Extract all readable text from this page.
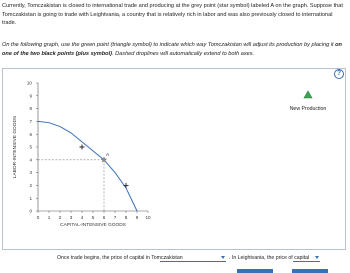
Currently, Tomczakistan is closed to international trade and producing at the grey point (star symbol) labeled A on the graph. Suppose that Tomczakistan is going to trade with Leightvania, a country that is relatively rich in labor and was also previously closed to international trade.

On the following graph, use the green point (triangle symbol) to indicate which way Tomczakistan will adjust its production by placing it on one of the two black points (plus symbol). Dashed droplines will automatically extend to both axes.

?
0 1 2 3 4 5 6 7 8 9 10
0
1
2
3
4
5
6
7
8
9
10
CAPITAL-INTENSIVE GOODS
LABOR-INTENSIVE GOODS	A
New Production
Once trade begins, the price of capital in Tomczakistan	. In Leightvania, the price of capital
